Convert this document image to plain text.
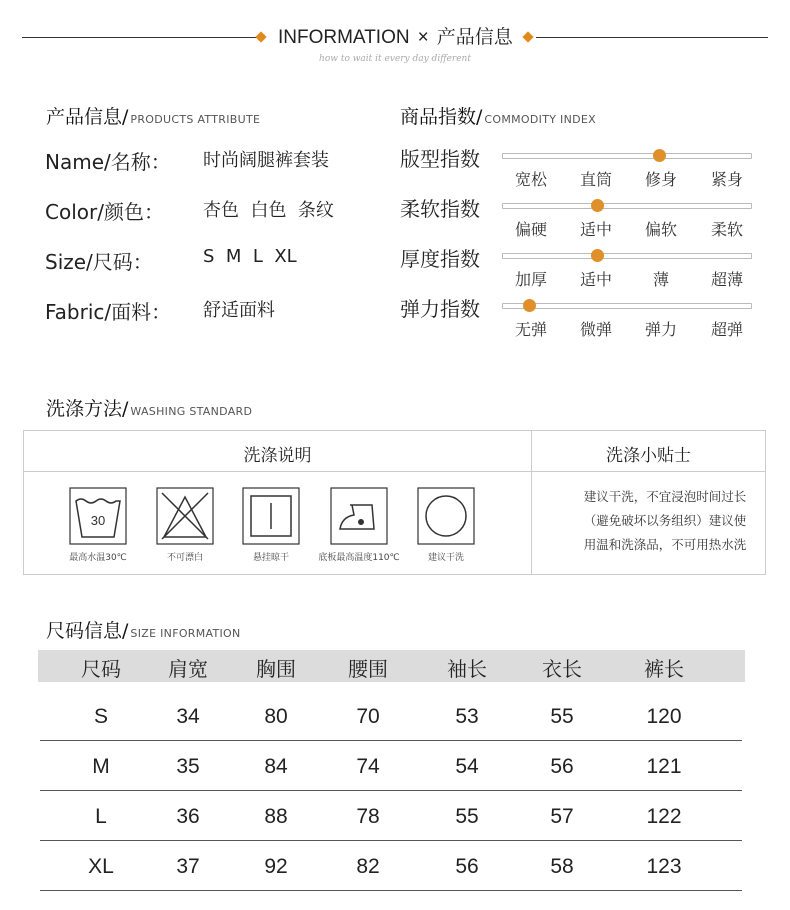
INFORMATION × 产品信息
how to wait it every day different
产品信息/ PRODUCTS ATTRIBUTE
Name/名称： 时尚阔腿裤套装
Color/颜色： 杏色  白色  条纹
Size/尺码：	S  M  L  XL
Fabric/面料： 舒适面料
商品指数/ COMMODITY INDEX
版型指数
宽松	直筒	修身	紧身
柔软指数
偏硬	适中	偏软	柔软
厚度指数
加厚	适中	薄	超薄
弹力指数
无弹	微弹	弹力	超弹
洗涤方法/ WASHING STANDARD
洗涤说明	洗涤小贴士
30
最高水温30℃	不可漂白	悬挂晾干	底板最高温度110℃	建议干洗
建议干洗，不宜浸泡时间过长
（避免破坏以务组织）建议使
用温和洗涤品，不可用热水洗
尺码信息/ SIZE INFORMATION
尺码	肩宽	胸围	腰围	袖长	衣长	裤长
S	34	80	70	53	55	120
M	35	84	74	54	56	121
L	36	88	78	55	57	122
XL	37	92	82	56	58	123
